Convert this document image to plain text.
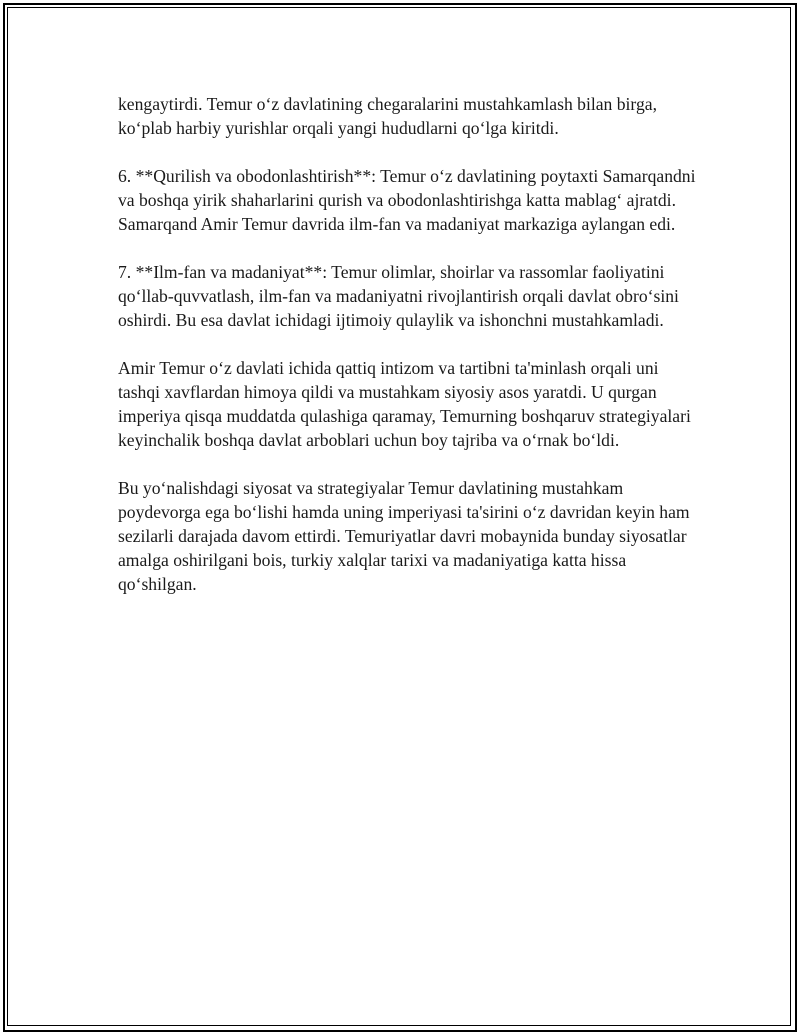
kengaytirdi. Temur o‘z davlatining chegaralarini mustahkamlash bilan birga, ko‘plab harbiy yurishlar orqali yangi hududlarni qo‘lga kiritdi.

6. **Qurilish va obodonlashtirish**: Temur o‘z davlatining poytaxti Samarqandni va boshqa yirik shaharlarini qurish va obodonlashtirishga katta mablag‘ ajratdi. Samarqand Amir Temur davrida ilm-fan va madaniyat markaziga aylangan edi.

7. **Ilm-fan va madaniyat**: Temur olimlar, shoirlar va rassomlar faoliyatini qo‘llab-quvvatlash, ilm-fan va madaniyatni rivojlantirish orqali davlat obro‘sini oshirdi. Bu esa davlat ichidagi ijtimoiy qulaylik va ishonchni mustahkamladi.

Amir Temur o‘z davlati ichida qattiq intizom va tartibni ta'minlash orqali uni tashqi xavflardan himoya qildi va mustahkam siyosiy asos yaratdi. U qurgan imperiya qisqa muddatda qulashiga qaramay, Temurning boshqaruv strategiyalari keyinchalik boshqa davlat arboblari uchun boy tajriba va o‘rnak bo‘ldi.

Bu yo‘nalishdagi siyosat va strategiyalar Temur davlatining mustahkam poydevorga ega bo‘lishi hamda uning imperiyasi ta'sirini o‘z davridan keyin ham sezilarli darajada davom ettirdi. Temuriyatlar davri mobaynida bunday siyosatlar amalga oshirilgani bois, turkiy xalqlar tarixi va madaniyatiga katta hissa qo‘shilgan.
